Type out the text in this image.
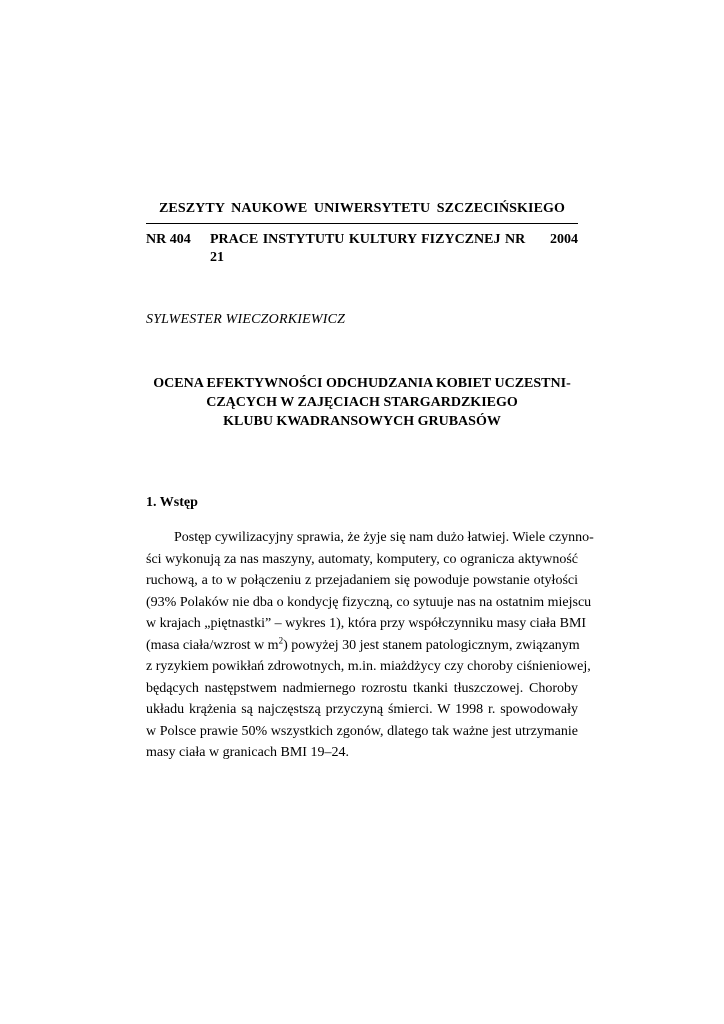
ZESZYTY NAUKOWE UNIWERSYTETU SZCZECIŃSKIEGO
NR 404	PRACE INSTYTUTU KULTURY FIZYCZNEJ NR 21
2004
SYLWESTER WIECZORKIEWICZ
OCENA EFEKTYWNOŚCI ODCHUDZANIA KOBIET UCZESTNI-
CZĄCYCH W ZAJĘCIACH STARGARDZKIEGO
KLUBU KWADRANSOWYCH GRUBASÓW
1. Wstęp
Postęp cywilizacyjny sprawia, że żyje się nam dużo łatwiej. Wiele czynno-
ści wykonują za nas maszyny, automaty, komputery, co ogranicza aktywność
ruchową, a to w połączeniu z przejadaniem się powoduje powstanie otyłości
(93% Polaków nie dba o kondycję fizyczną, co sytuuje nas na ostatnim miejscu
w krajach „piętnastki” – wykres 1), która przy współczynniku masy ciała BMI
(masa ciała/wzrost w $m^2$) powyżej 30 jest stanem patologicznym, związanym
z ryzykiem powikłań zdrowotnych, m.in. miażdżycy czy choroby ciśnieniowej,
będących następstwem nadmiernego rozrostu tkanki tłuszczowej. Choroby
układu krążenia są najczęstszą przyczyną śmierci. W 1998 r. spowodowały
w Polsce prawie 50% wszystkich zgonów, dlatego tak ważne jest utrzymanie
masy ciała w granicach BMI 19–24.
